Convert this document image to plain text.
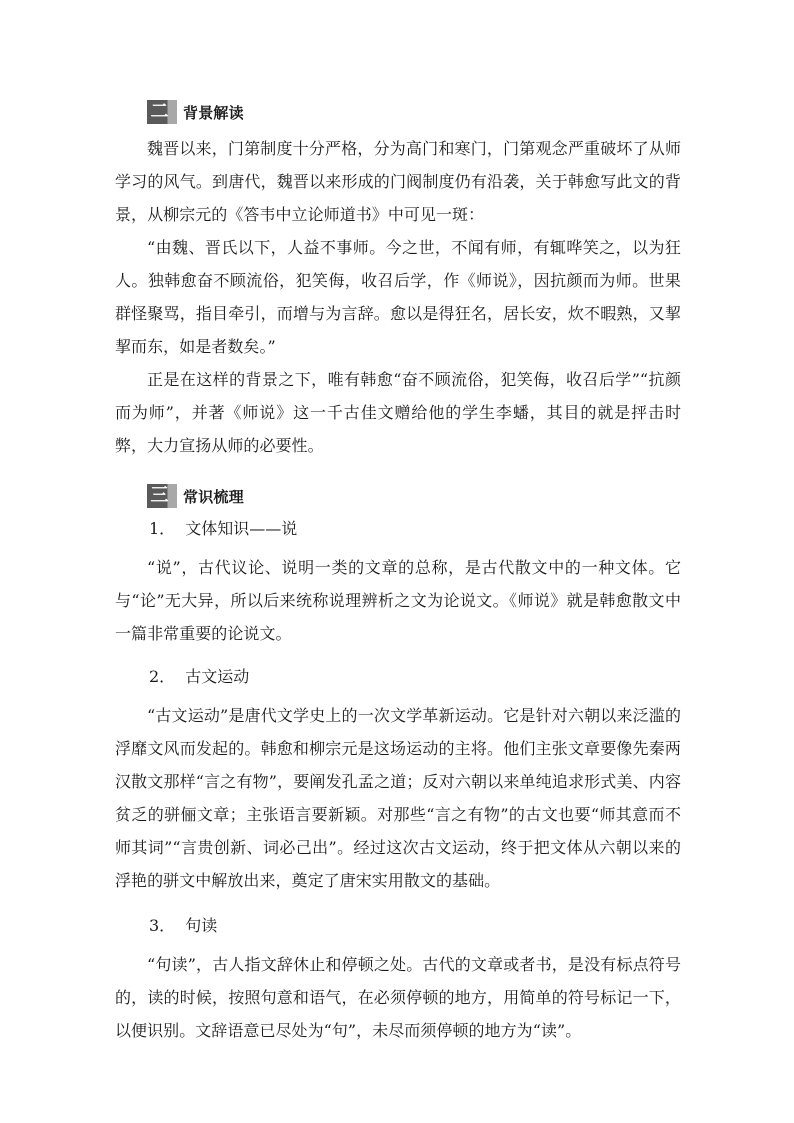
二 背景解读

魏晋以来，门第制度十分严格，分为高门和寒门，门第观念严重破坏了从师学习的风气。到唐代，魏晋以来形成的门阀制度仍有沿袭，关于韩愈写此文的背景，从柳宗元的《答韦中立论师道书》中可见一斑：

“由魏、晋氏以下，人益不事师。今之世，不闻有师，有辄哗笑之，以为狂人。独韩愈奋不顾流俗，犯笑侮，收召后学，作《师说》，因抗颜而为师。世果群怪聚骂，指目牵引，而增与为言辞。愈以是得狂名，居长安，炊不暇熟，又挈挈而东，如是者数矣。”

正是在这样的背景之下，唯有韩愈“奋不顾流俗，犯笑侮，收召后学”“抗颜而为师”，并著《师说》这一千古佳文赠给他的学生李蟠，其目的就是抨击时弊，大力宣扬从师的必要性。

三 常识梳理
1． 文体知识——说

“说”，古代议论、说明一类的文章的总称，是古代散文中的一种文体。它与“论”无大异，所以后来统称说理辨析之文为论说文。《师说》就是韩愈散文中一篇非常重要的论说文。

2． 古文运动

“古文运动”是唐代文学史上的一次文学革新运动。它是针对六朝以来泛滥的浮靡文风而发起的。韩愈和柳宗元是这场运动的主将。他们主张文章要像先秦两汉散文那样“言之有物”，要阐发孔孟之道；反对六朝以来单纯追求形式美、内容贫乏的骈俪文章；主张语言要新颖。对那些“言之有物”的古文也要“师其意而不师其词”“言贵创新、词必己出”。经过这次古文运动，终于把文体从六朝以来的浮艳的骈文中解放出来，奠定了唐宋实用散文的基础。

3． 句读

“句读”，古人指文辞休止和停顿之处。古代的文章或者书，是没有标点符号的，读的时候，按照句意和语气，在必须停顿的地方，用简单的符号标记一下，以便识别。文辞语意已尽处为“句”，未尽而须停顿的地方为“读”。
